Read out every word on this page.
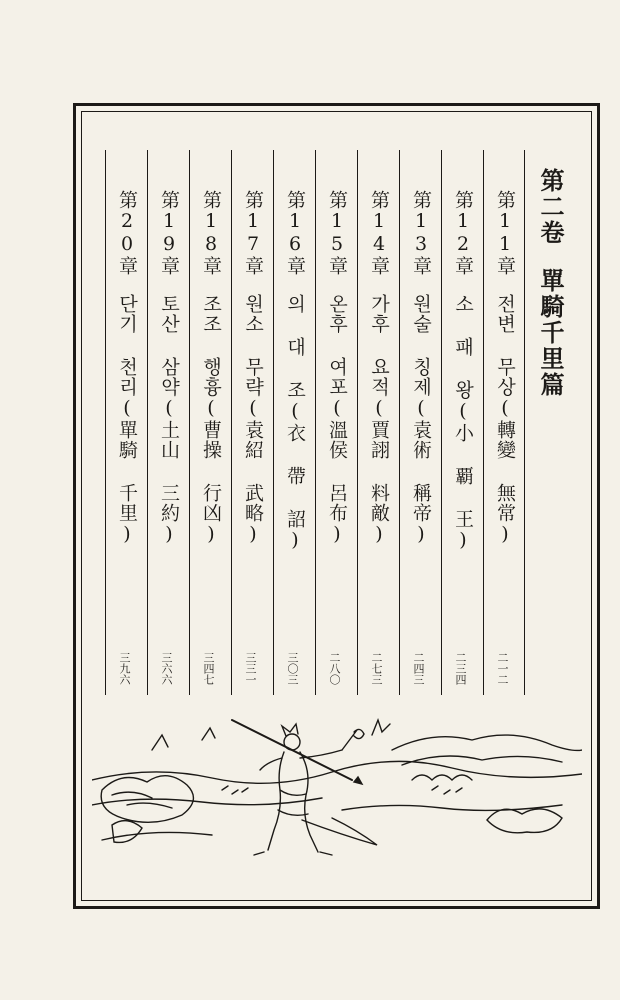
第二卷單騎千里篇
第11章전변 무상(轉變 無常)
二一二
第12章소 패 왕(小 覇 王)
二三四
第13章원술 칭제(袁術 稱帝)
二四三
第14章가후 요적(賈詡 料敵)
二七三
第15章온후 여포(溫侯 呂布)
二八〇
第16章의 대 조(衣 帶 詔)
三〇三
第17章원소 무략(袁紹 武略)
三三一
第18章조조 행흉(曹操 行凶)
三四七
第19章토산 삼약(土山 三約)
三六六
第20章단기 천리(單騎 千里)
三九六
